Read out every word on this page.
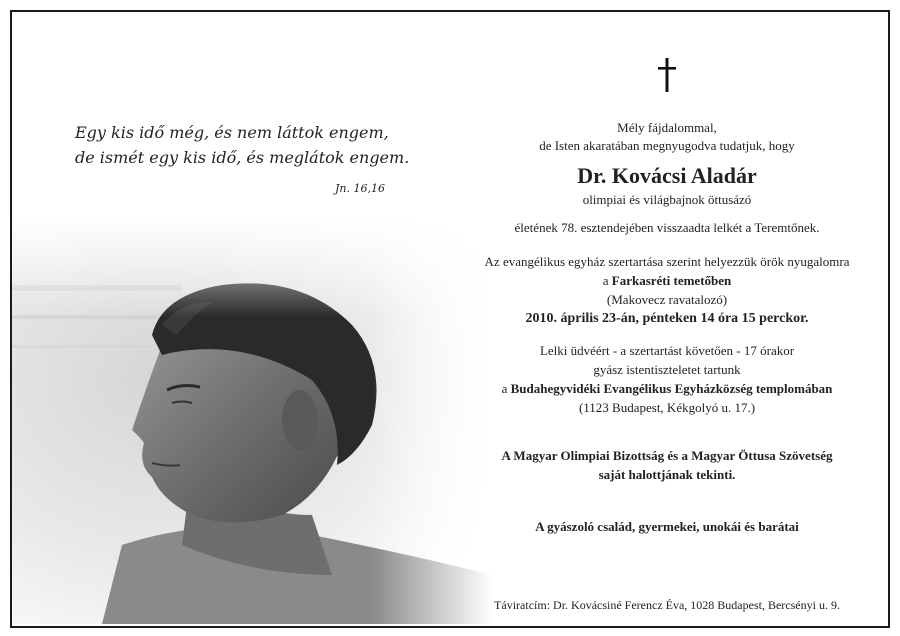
Egy kis idő még, és nem láttok engem,
de ismét egy kis idő, és meglátok engem.
Jn. 16,16
Mély fájdalommal,
de Isten akaratában megnyugodva tudatjuk, hogy
Dr. Kovácsi Aladár
olimpiai és világbajnok öttusázó
életének 78. esztendejében visszaadta lelkét a Teremtőnek.
Az evangélikus egyház szertartása szerint helyezzük örök nyugalomra
a Farkasréti temetőben
(Makovecz ravatalozó)
2010. április 23-án, pénteken 14 óra 15 perckor.
Lelki üdvéért - a szertartást követően - 17 órakor
gyász istentiszteletet tartunk
a Budahegyvidéki Evangélikus Egyházközség templomában
(1123 Budapest, Kékgolyó u. 17.)
A Magyar Olimpiai Bizottság és a Magyar Öttusa Szövetség
saját halottjának tekinti.
A gyászoló család, gyermekei, unokái és barátai
Táviratcím: Dr. Kovácsiné Ferencz Éva, 1028 Budapest, Bercsényi u. 9.
